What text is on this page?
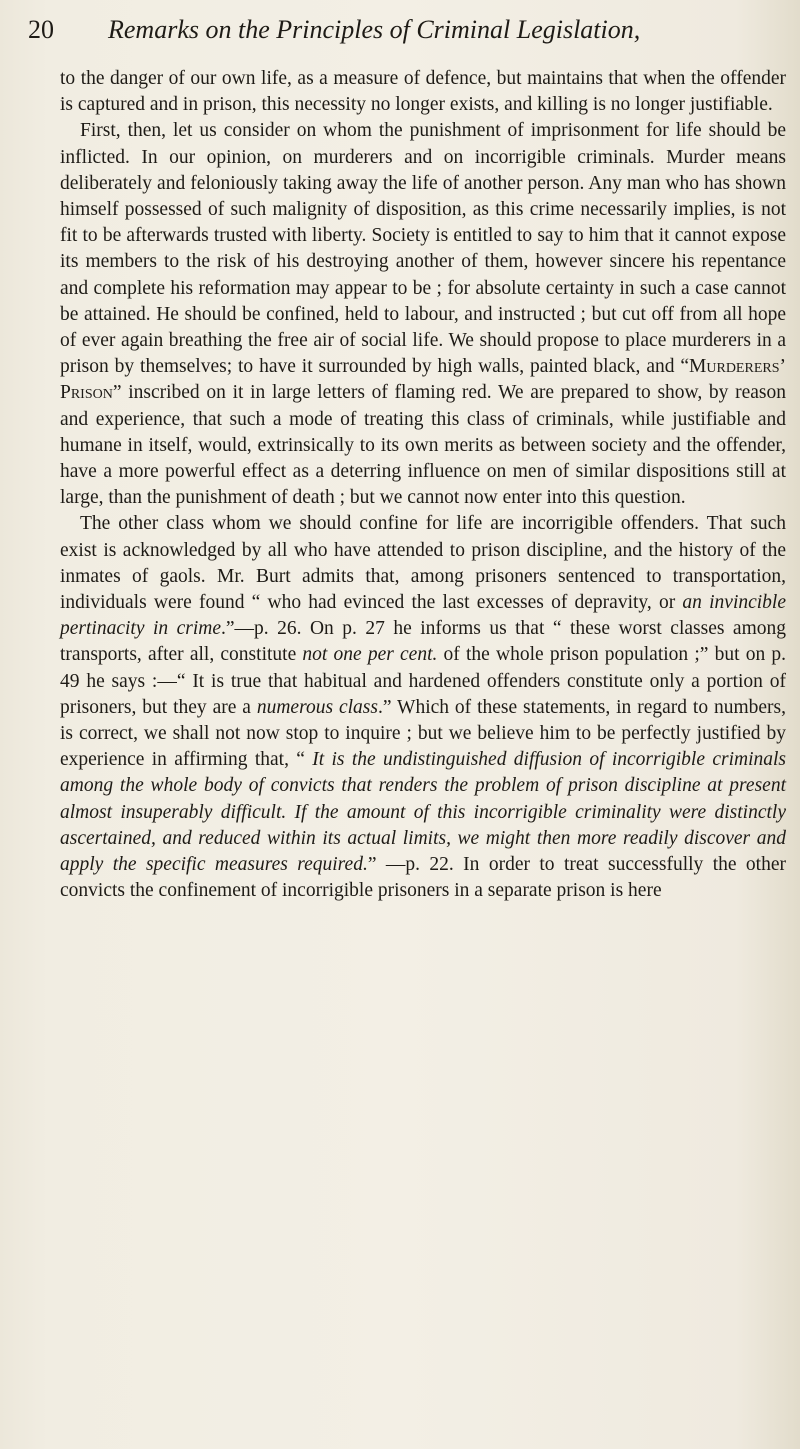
20 Remarks on the Principles of Criminal Legislation,

to the danger of our own life, as a measure of defence, but maintains that when the offender is captured and in prison, this necessity no longer exists, and killing is no longer justifiable.

First, then, let us consider on whom the punishment of imprisonment for life should be inflicted. In our opinion, on murderers and on incorrigible criminals. Murder means deliberately and feloniously taking away the life of another person. Any man who has shown himself possessed of such malignity of disposition, as this crime necessarily implies, is not fit to be afterwards trusted with liberty. Society is entitled to say to him that it cannot expose its members to the risk of his destroying another of them, however sincere his repentance and complete his reformation may appear to be ; for absolute certainty in such a case cannot be attained. He should be confined, held to labour, and instructed ; but cut off from all hope of ever again breathing the free air of social life. We should propose to place murderers in a prison by themselves; to have it surrounded by high walls, painted black, and “Murderers’ Prison” inscribed on it in large letters of flaming red. We are prepared to show, by reason and experience, that such a mode of treating this class of criminals, while justifiable and humane in itself, would, extrinsically to its own merits as between society and the offender, have a more powerful effect as a deterring influence on men of similar dispositions still at large, than the punishment of death ; but we cannot now enter into this question.

The other class whom we should confine for life are incorrigible offenders. That such exist is acknowledged by all who have attended to prison discipline, and the history of the inmates of gaols. Mr. Burt admits that, among prisoners sentenced to transportation, individuals were found “ who had evinced the last excesses of depravity, or an invincible pertinacity in crime.”—p. 26. On p. 27 he informs us that “ these worst classes among transports, after all, constitute not one per cent. of the whole prison population ;” but on p. 49 he says :—“ It is true that habitual and hardened offenders constitute only a portion of prisoners, but they are a numerous class.” Which of these statements, in regard to numbers, is correct, we shall not now stop to inquire ; but we believe him to be perfectly justified by experience in affirming that, “ It is the undistinguished diffusion of incorrigible criminals among the whole body of convicts that renders the problem of prison discipline at present almost insuperably difficult. If the amount of this incorrigible criminality were distinctly ascertained, and reduced within its actual limits, we might then more readily discover and apply the specific measures required.” —p. 22. In order to treat successfully the other convicts the confinement of incorrigible prisoners in a separate prison is here
